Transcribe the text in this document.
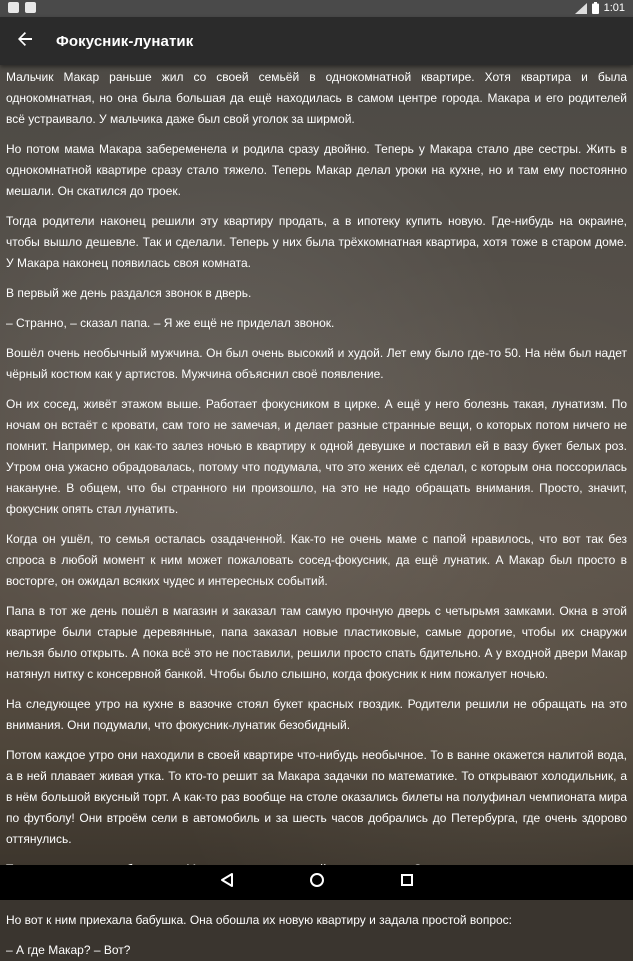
1:01
Фокусник-лунатик

Мальчик Макар раньше жил со своей семьёй в однокомнатной квартире. Хотя квартира и была однокомнатная, но она была большая да ещё находилась в самом центре города. Макара и его родителей всё устраивало. У мальчика даже был свой уголок за ширмой.

Но потом мама Макара забеременела и родила сразу двойню. Теперь у Макара стало две сестры. Жить в однокомнатной квартире сразу стало тяжело. Теперь Макар делал уроки на кухне, но и там ему постоянно мешали. Он скатился до троек.

Тогда родители наконец решили эту квартиру продать, а в ипотеку купить новую. Где-нибудь на окраине, чтобы вышло дешевле. Так и сделали. Теперь у них была трёхкомнатная квартира, хотя тоже в старом доме. У Макара наконец появилась своя комната.

В первый же день раздался звонок в дверь.

– Странно, – сказал папа. – Я же ещё не приделал звонок.

Вошёл очень необычный мужчина. Он был очень высокий и худой. Лет ему было где-то 50. На нём был надет чёрный костюм как у артистов. Мужчина объяснил своё появление.

Он их сосед, живёт этажом выше. Работает фокусником в цирке. А ещё у него болезнь такая, лунатизм. По ночам он встаёт с кровати, сам того не замечая, и делает разные странные вещи, о которых потом ничего не помнит. Например, он как-то залез ночью в квартиру к одной девушке и поставил ей в вазу букет белых роз. Утром она ужасно обрадовалась, потому что подумала, что это жених её сделал, с которым она поссорилась накануне. В общем, что бы странного ни произошло, на это не надо обращать внимания. Просто, значит, фокусник опять стал лунатить.

Когда он ушёл, то семья осталась озадаченной. Как-то не очень маме с папой нравилось, что вот так без спроса в любой момент к ним может пожаловать сосед-фокусник, да ещё лунатик. А Макар был просто в восторге, он ожидал всяких чудес и интересных событий.

Папа в тот же день пошёл в магазин и заказал там самую прочную дверь с четырьмя замками. Окна в этой квартире были старые деревянные, папа заказал новые пластиковые, самые дорогие, чтобы их снаружи нельзя было открыть. А пока всё это не поставили, решили просто спать бдительно. А у входной двери Макар натянул нитку с консервной банкой. Чтобы было слышно, когда фокусник к ним пожалует ночью.

На следующее утро на кухне в вазочке стоял букет красных гвоздик. Родители решили не обращать на это внимания. Они подумали, что фокусник-лунатик безобидный.

Потом каждое утро они находили в своей квартире что-нибудь необычное. То в ванне окажется налитой вода, а в ней плавает живая утка. То кто-то решит за Макара задачки по математике. То открывают холодильник, а в нём большой вкусный торт. А как-то раз вообще на столе оказались билеты на полуфинал чемпионата мира по футболу! Они втроём сели в автомобиль и за шесть часов добрались до Петербурга, где очень здорово оттянулись.

Но вот к ним приехала бабушка. Она обошла их новую квартиру и задала простой вопрос:

– А где Макар? – Вот?
